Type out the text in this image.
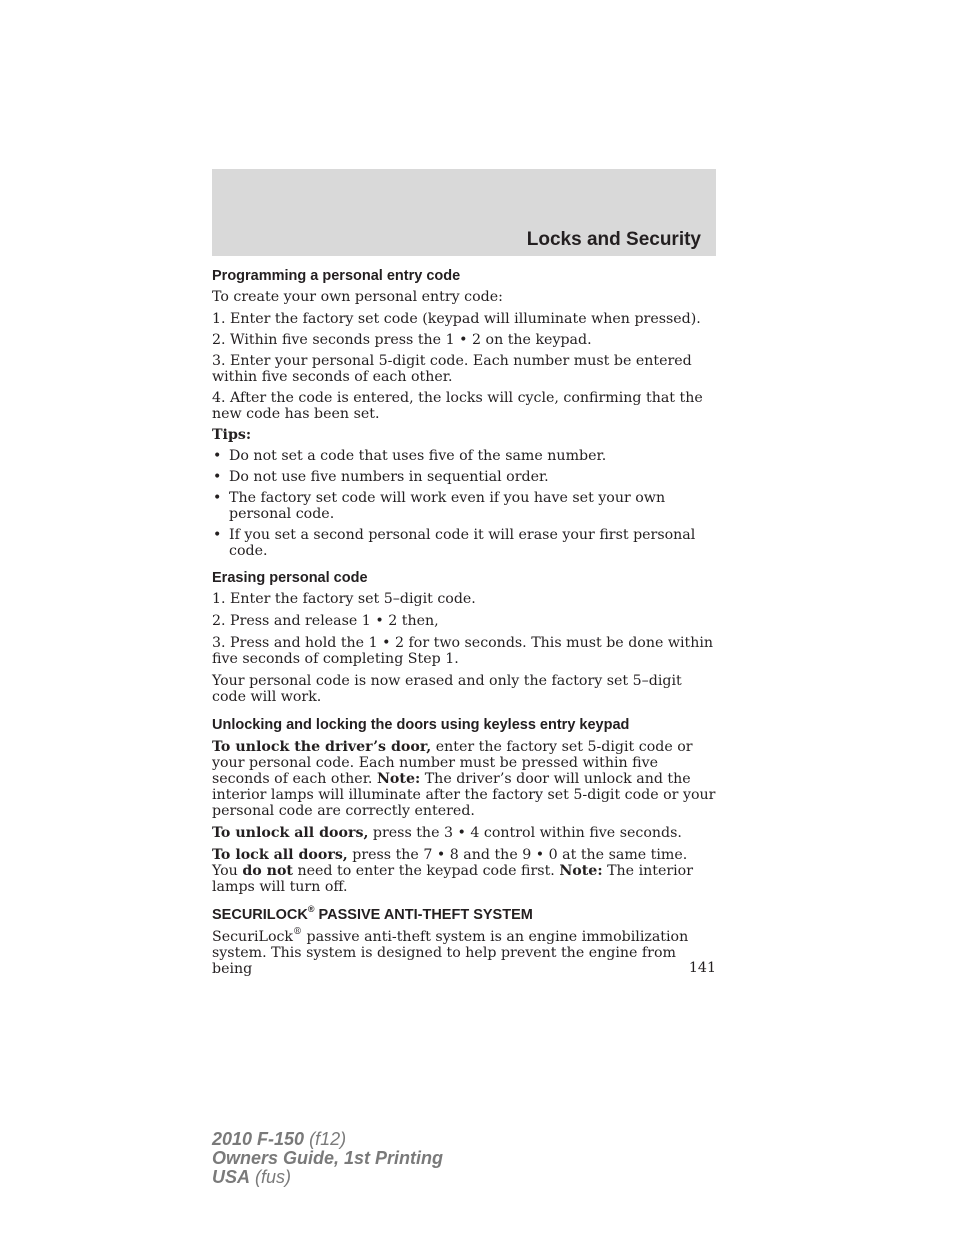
Locks and Security
Programming a personal entry code
To create your own personal entry code:
1. Enter the factory set code (keypad will illuminate when pressed).
2. Within five seconds press the 1 • 2 on the keypad.
3. Enter your personal 5-digit code. Each number must be entered within five seconds of each other.
4. After the code is entered, the locks will cycle, confirming that the new code has been set.
Tips:
• Do not set a code that uses five of the same number.
• Do not use five numbers in sequential order.
• The factory set code will work even if you have set your own personal code.
• If you set a second personal code it will erase your first personal code.
Erasing personal code
1. Enter the factory set 5–digit code.
2. Press and release 1 • 2 then,
3. Press and hold the 1 • 2 for two seconds. This must be done within five seconds of completing Step 1.
Your personal code is now erased and only the factory set 5–digit code will work.
Unlocking and locking the doors using keyless entry keypad
To unlock the driver’s door, enter the factory set 5-digit code or your personal code. Each number must be pressed within five seconds of each other. Note: The driver’s door will unlock and the interior lamps will illuminate after the factory set 5-digit code or your personal code are correctly entered.
To unlock all doors, press the 3 • 4 control within five seconds.
To lock all doors, press the 7 • 8 and the 9 • 0 at the same time. You do not need to enter the keypad code first. Note: The interior lamps will turn off.
SECURILOCK® PASSIVE ANTI-THEFT SYSTEM
SecuriLock® passive anti-theft system is an engine immobilization system. This system is designed to help prevent the engine from being	141
2010 F-150 (f12)
Owners Guide, 1st Printing
USA (fus)
